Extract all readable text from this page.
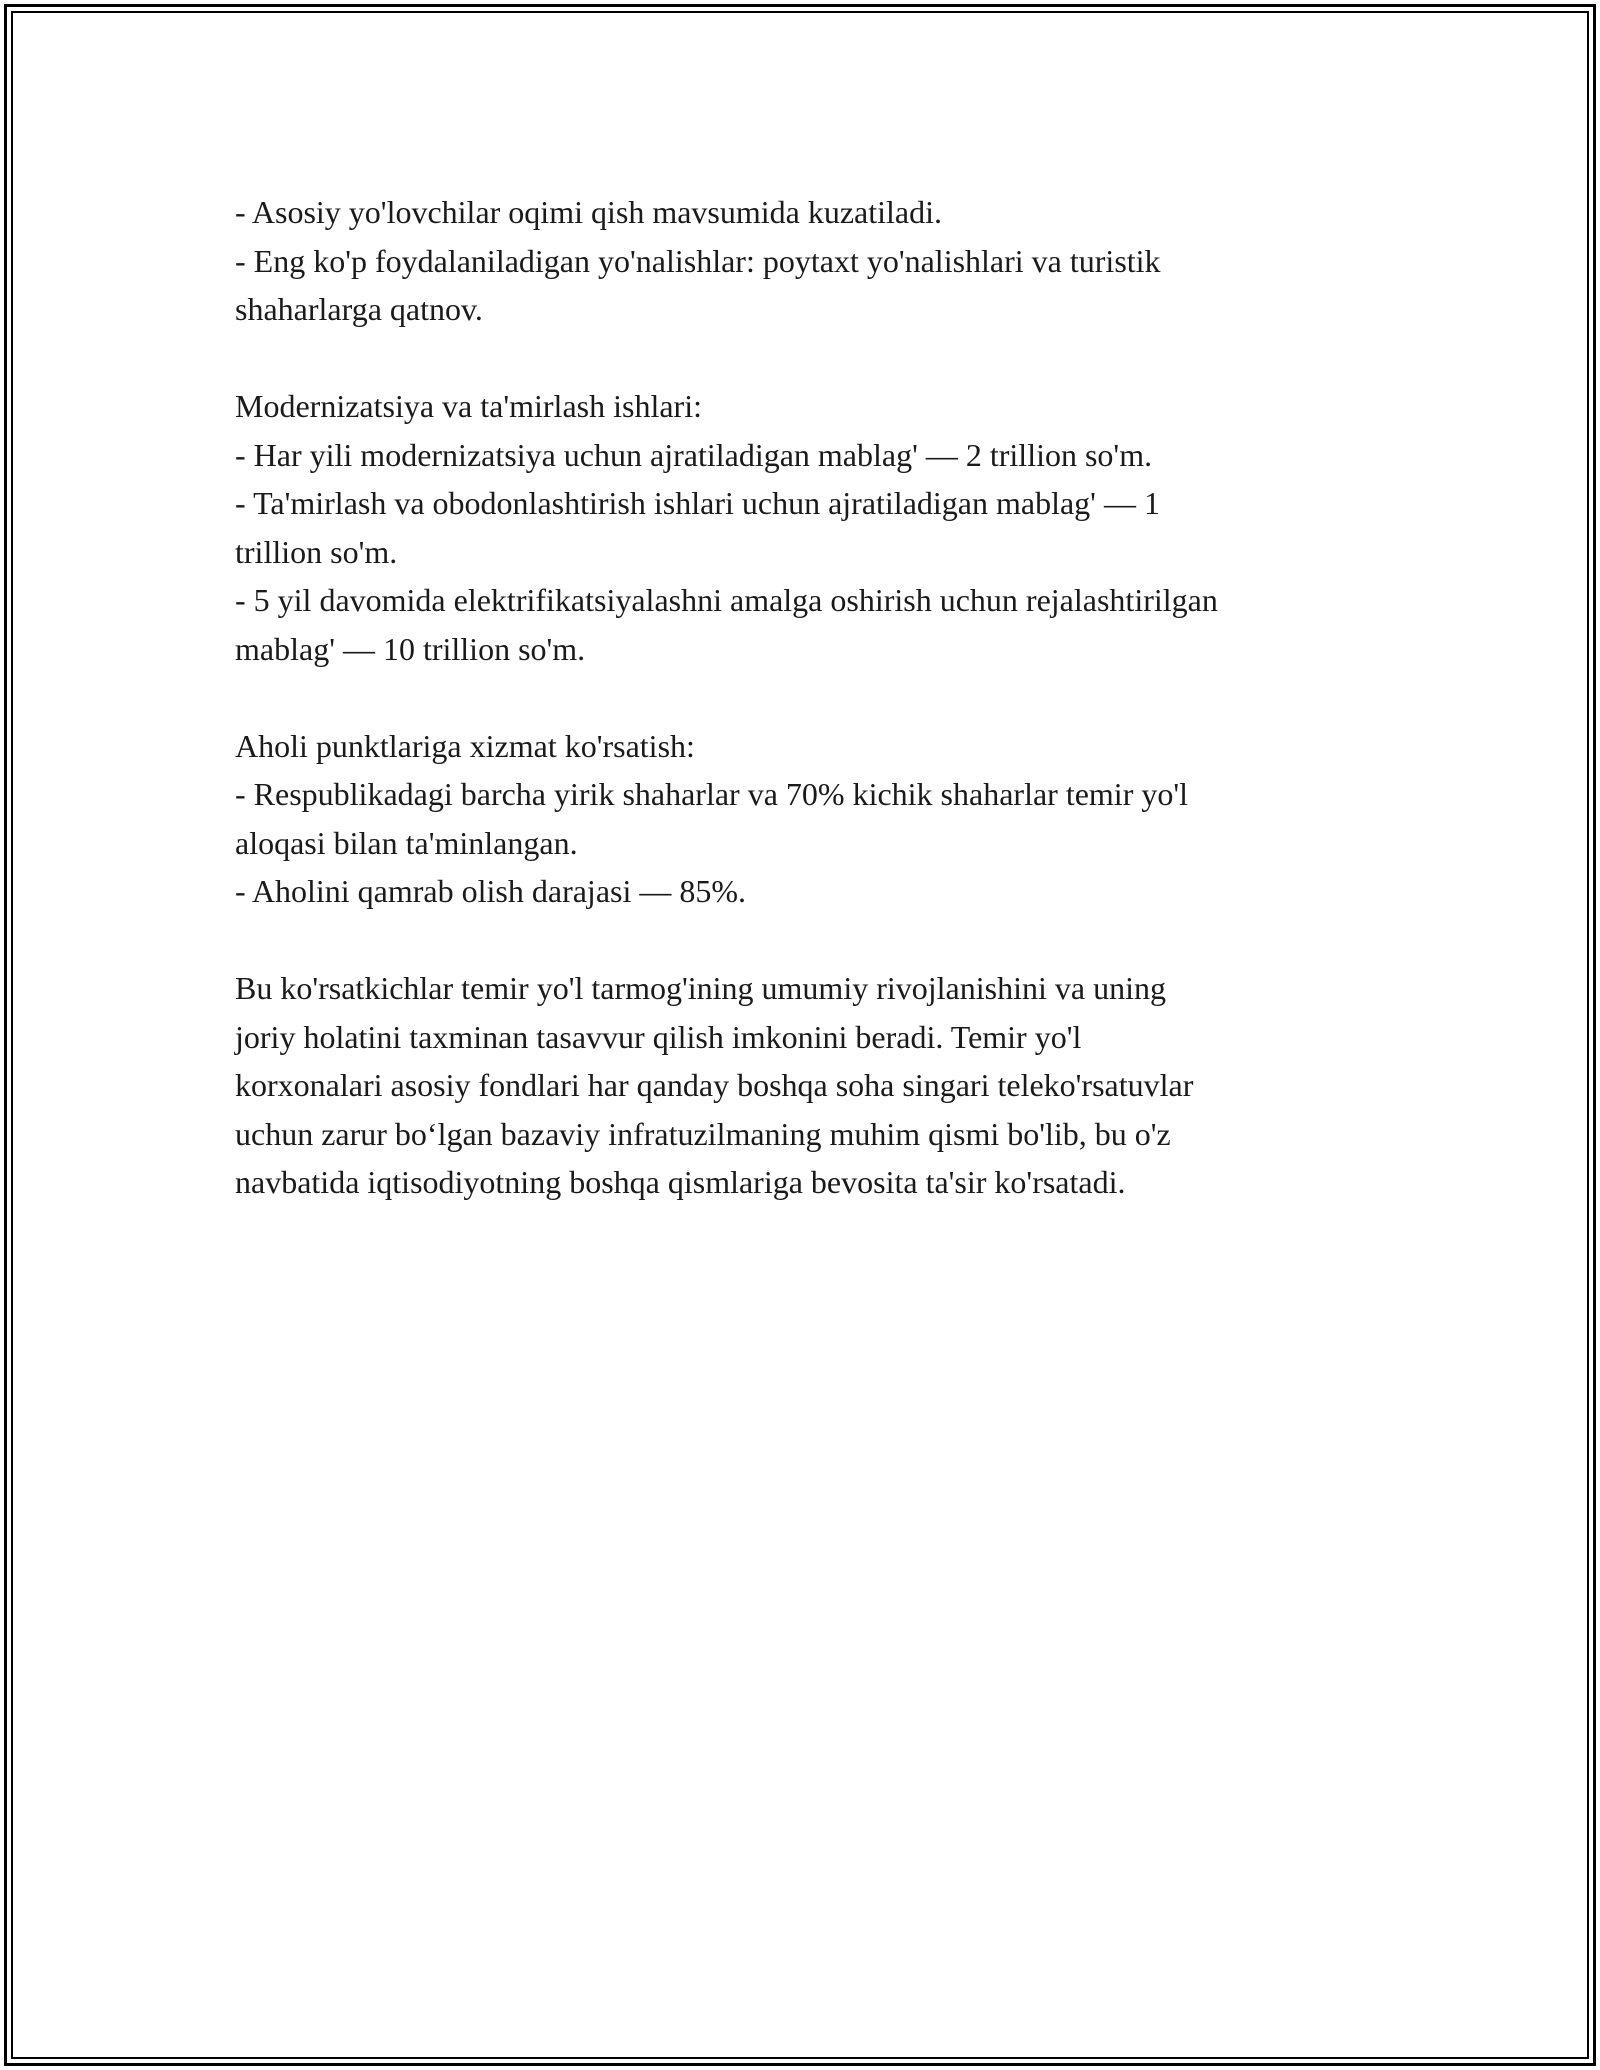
- Asosiy yo'lovchilar oqimi qish mavsumida kuzatiladi.
- Eng ko'p foydalaniladigan yo'nalishlar: poytaxt yo'nalishlari va turistik
shaharlarga qatnov.
Modernizatsiya va ta'mirlash ishlari:
- Har yili modernizatsiya uchun ajratiladigan mablag' — 2 trillion so'm.
- Ta'mirlash va obodonlashtirish ishlari uchun ajratiladigan mablag' — 1
trillion so'm.
- 5 yil davomida elektrifikatsiyalashni amalga oshirish uchun rejalashtirilgan
mablag' — 10 trillion so'm.
Aholi punktlariga xizmat ko'rsatish:
- Respublikadagi barcha yirik shaharlar va 70% kichik shaharlar temir yo'l
aloqasi bilan ta'minlangan.
- Aholini qamrab olish darajasi — 85%.
Bu ko'rsatkichlar temir yo'l tarmog'ining umumiy rivojlanishini va uning
joriy holatini taxminan tasavvur qilish imkonini beradi. Temir yo'l
korxonalari asosiy fondlari har qanday boshqa soha singari teleko'rsatuvlar
uchun zarur bo‘lgan bazaviy infratuzilmaning muhim qismi bo'lib, bu o'z
navbatida iqtisodiyotning boshqa qismlariga bevosita ta'sir ko'rsatadi.
